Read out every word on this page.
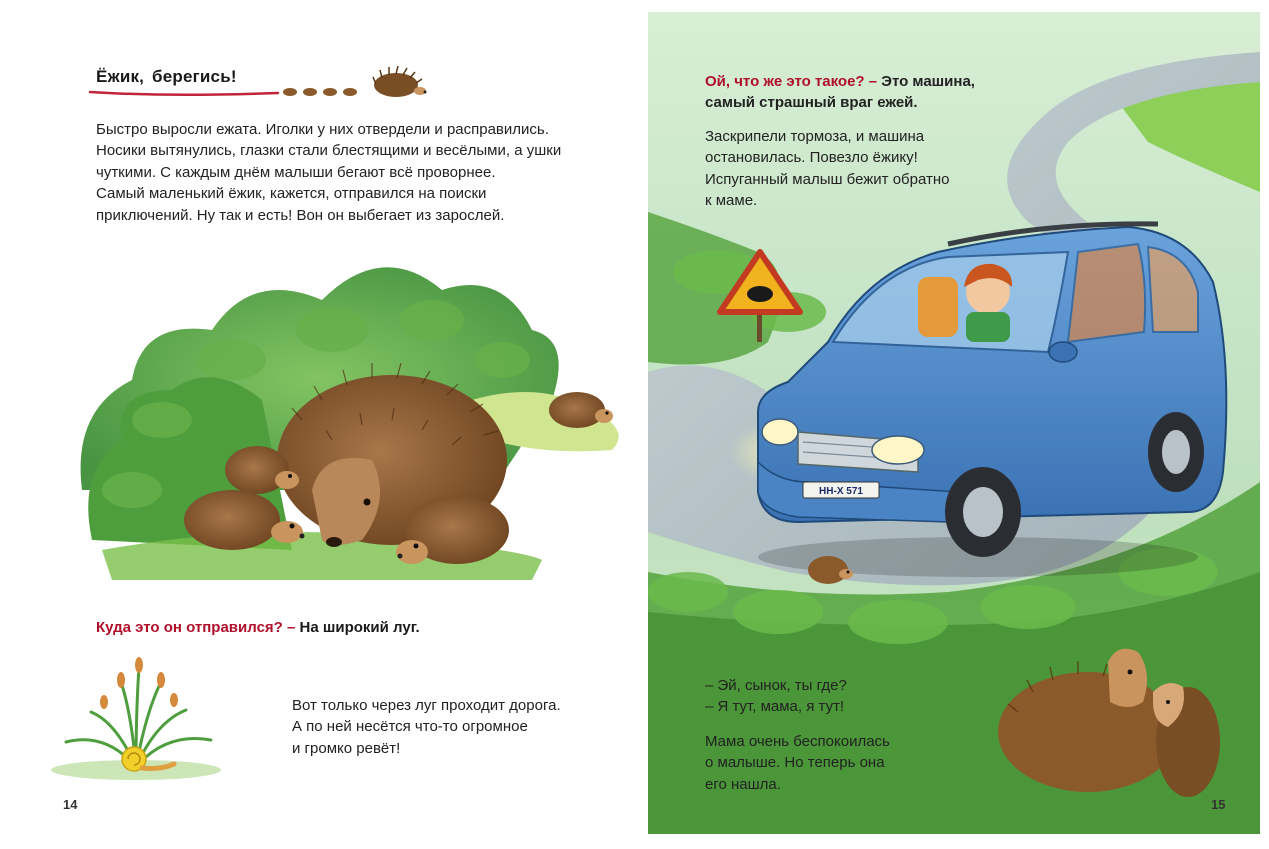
Ёжик, берегись!
Быстро выросли ежата. Иголки у них отвердели и расправились.
Носики вытянулись, глазки стали блестящими и весёлыми, а ушки
чуткими. С каждым днём малыши бегают всё проворнее.
Самый маленький ёжик, кажется, отправился на поиски
приключений. Ну так и есть! Вон он выбегает из зарослей.
Куда это он отправился? – На широкий луг.
Вот только через луг проходит дорога.
А по ней несётся что-то огромное
и громко ревёт!
14
HH-X 571
Ой, что же это такое? – Это машина,
самый страшный враг ежей.
Заскрипели тормоза, и машина
остановилась. Повезло ёжику!
Испуганный малыш бежит обратно
к маме.
– Эй, сынок, ты где?
– Я тут, мама, я тут!
Мама очень беспокоилась
о малыше. Но теперь она
его нашла.
15
